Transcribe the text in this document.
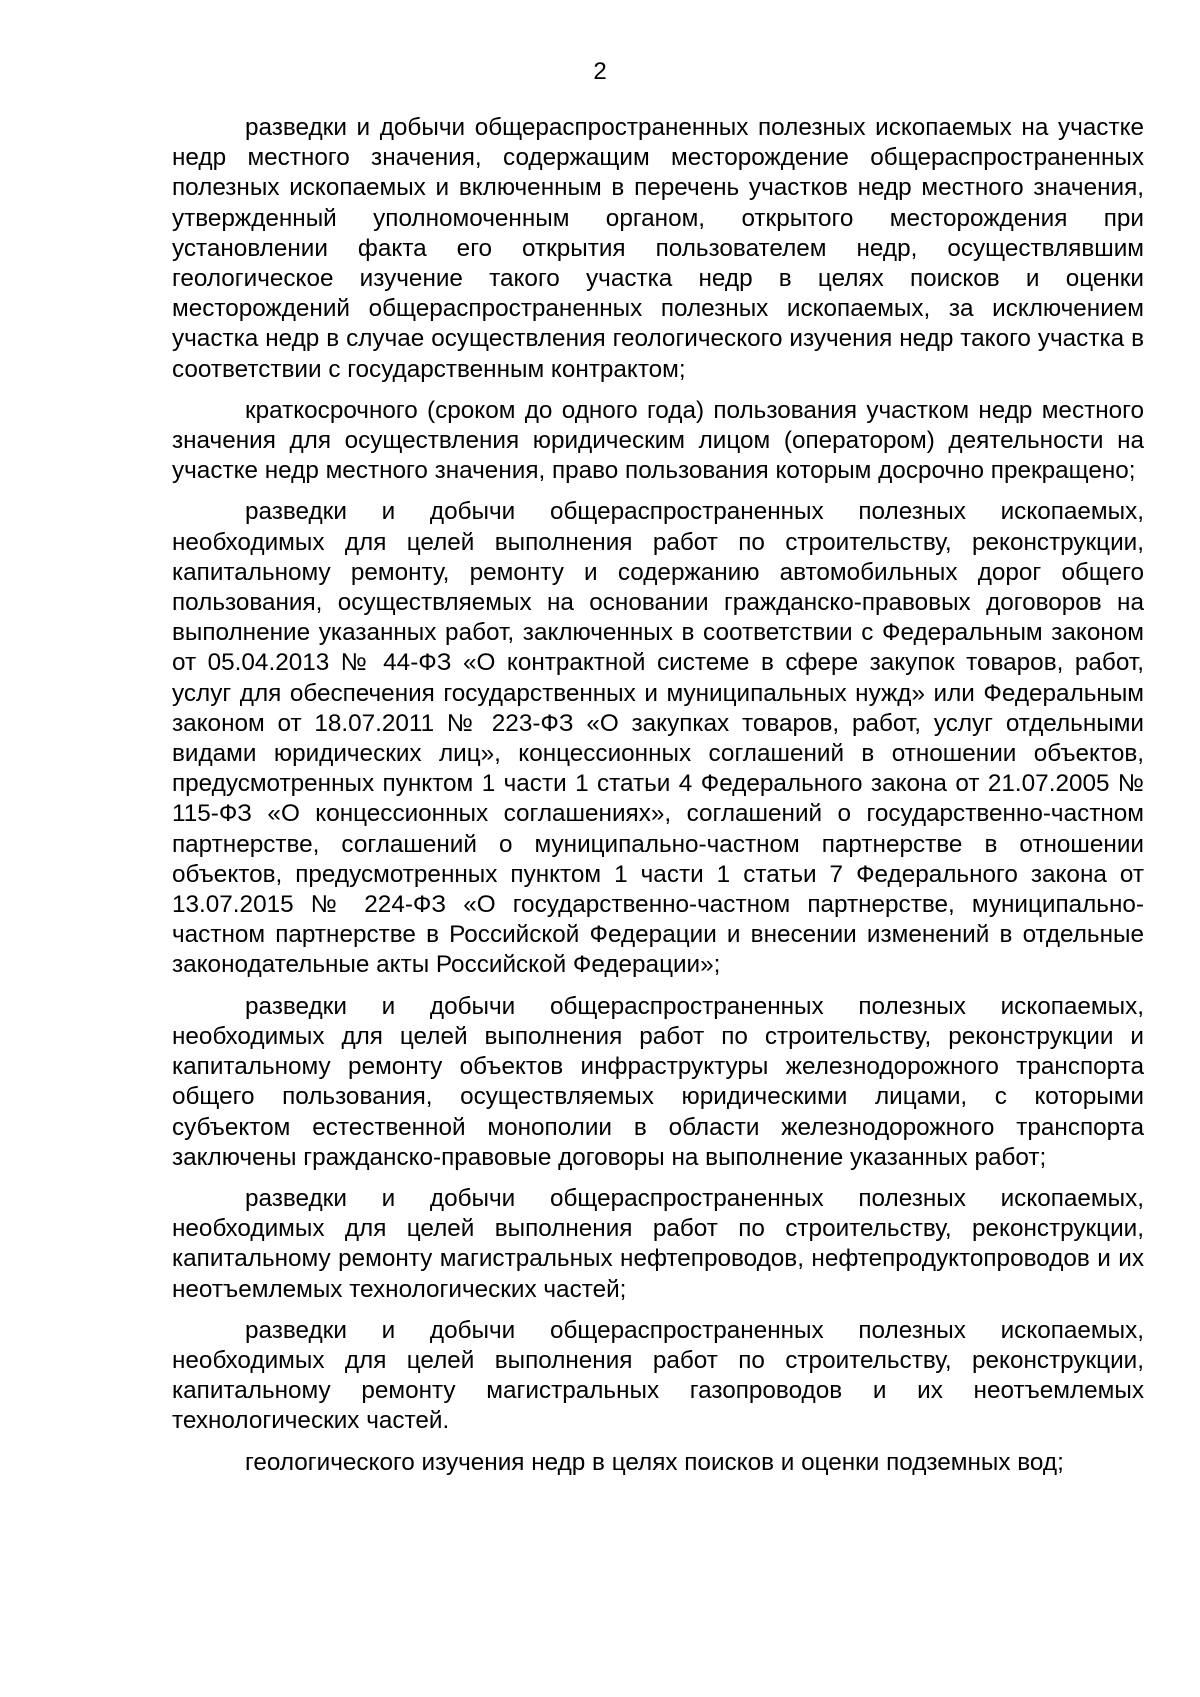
2

разведки и добычи общераспространенных полезных ископаемых на участке недр местного значения, содержащим месторождение общераспространенных полезных ископаемых и включенным в перечень участков недр местного значения, утвержденный уполномоченным органом, открытого месторождения при установлении факта его открытия пользователем недр, осуществлявшим геологическое изучение такого участка недр в целях поисков и оценки месторождений общераспространенных полезных ископаемых, за исключением участка недр в случае осуществления геологического изучения недр такого участка в соответствии с государственным контрактом;

краткосрочного (сроком до одного года) пользования участком недр местного значения для осуществления юридическим лицом (оператором) деятельности на участке недр местного значения, право пользования которым досрочно прекращено;

разведки и добычи общераспространенных полезных ископаемых, необходимых для целей выполнения работ по строительству, реконструкции, капитальному ремонту, ремонту и содержанию автомобильных дорог общего пользования, осуществляемых на основании гражданско-правовых договоров на выполнение указанных работ, заключенных в соответствии с Федеральным законом от 05.04.2013 № 44-ФЗ «О контрактной системе в сфере закупок товаров, работ, услуг для обеспечения государственных и муниципальных нужд» или Федеральным законом от 18.07.2011 № 223-ФЗ «О закупках товаров, работ, услуг отдельными видами юридических лиц», концессионных соглашений в отношении объектов, предусмотренных пунктом 1 части 1 статьи 4 Федерального закона от 21.07.2005 № 115-ФЗ «О концессионных соглашениях», соглашений о государственно-частном партнерстве, соглашений о муниципально-частном партнерстве в отношении объектов, предусмотренных пунктом 1 части 1 статьи 7 Федерального закона от 13.07.2015 № 224-ФЗ «О государственно-частном партнерстве, муниципально-частном партнерстве в Российской Федерации и внесении изменений в отдельные законодательные акты Российской Федерации»;

разведки и добычи общераспространенных полезных ископаемых, необходимых для целей выполнения работ по строительству, реконструкции и капитальному ремонту объектов инфраструктуры железнодорожного транспорта общего пользования, осуществляемых юридическими лицами, с которыми субъектом естественной монополии в области железнодорожного транспорта заключены гражданско-правовые договоры на выполнение указанных работ;

разведки и добычи общераспространенных полезных ископаемых, необходимых для целей выполнения работ по строительству, реконструкции, капитальному ремонту магистральных нефтепроводов, нефтепродуктопроводов и их неотъемлемых технологических частей;

разведки и добычи общераспространенных полезных ископаемых, необходимых для целей выполнения работ по строительству, реконструкции, капитальному ремонту магистральных газопроводов и их неотъемлемых технологических частей.

геологического изучения недр в целях поисков и оценки подземных вод;
